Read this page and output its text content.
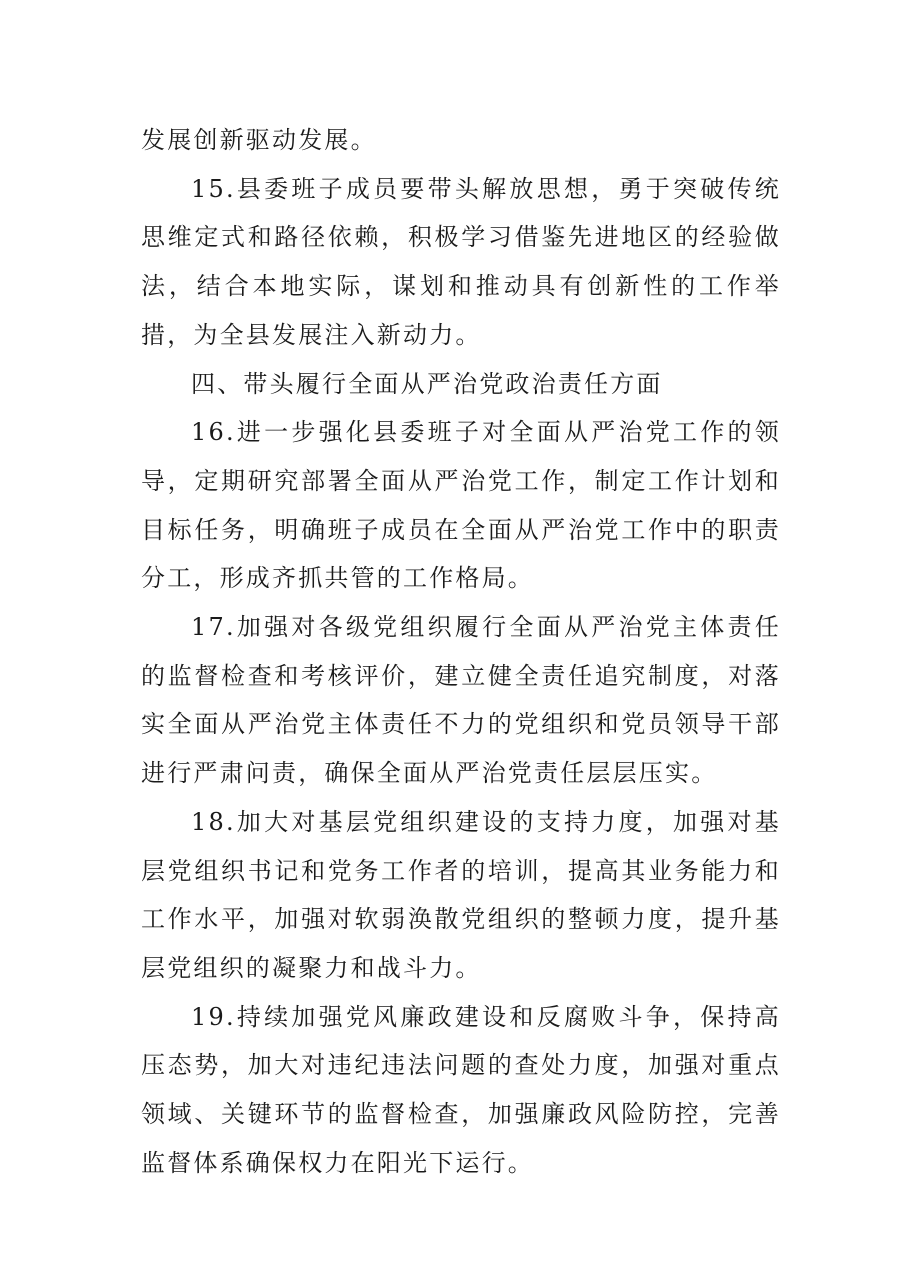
发展创新驱动发展。

15.县委班子成员要带头解放思想，勇于突破传统思维定式和路径依赖，积极学习借鉴先进地区的经验做法，结合本地实际，谋划和推动具有创新性的工作举措，为全县发展注入新动力。

四、带头履行全面从严治党政治责任方面

16.进一步强化县委班子对全面从严治党工作的领导，定期研究部署全面从严治党工作，制定工作计划和目标任务，明确班子成员在全面从严治党工作中的职责分工，形成齐抓共管的工作格局。

17.加强对各级党组织履行全面从严治党主体责任的监督检查和考核评价，建立健全责任追究制度，对落实全面从严治党主体责任不力的党组织和党员领导干部进行严肃问责，确保全面从严治党责任层层压实。

18.加大对基层党组织建设的支持力度，加强对基层党组织书记和党务工作者的培训，提高其业务能力和工作水平，加强对软弱涣散党组织的整顿力度，提升基层党组织的凝聚力和战斗力。

19.持续加强党风廉政建设和反腐败斗争，保持高压态势，加大对违纪违法问题的查处力度，加强对重点领域、关键环节的监督检查，加强廉政风险防控，完善监督体系确保权力在阳光下运行。
